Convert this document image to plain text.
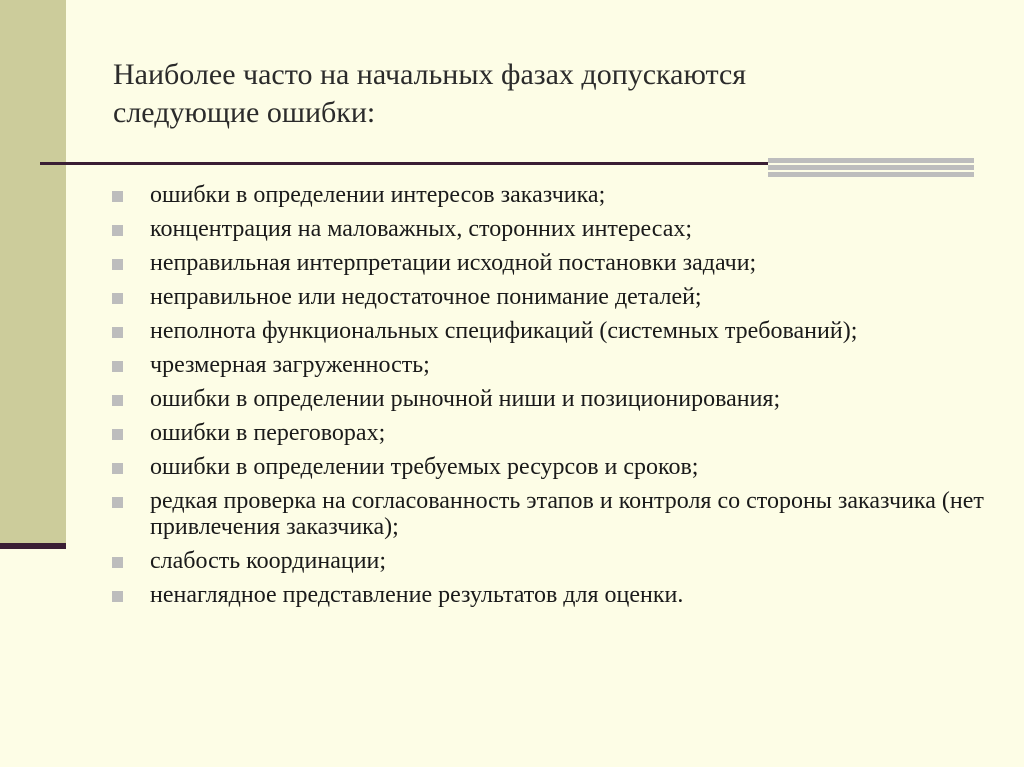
Наиболее часто на начальных фазах допускаются
следующие ошибки:
ошибки в определении интересов заказчика;
концентрация на маловажных, сторонних интересах;
неправильная интерпретации исходной постановки задачи;
неправильное или недостаточное понимание деталей;
неполнота функциональных спецификаций (системных требований);
чрезмерная загруженность;
ошибки в определении рыночной ниши и позиционирования;
ошибки в переговорах;
ошибки в определении требуемых ресурсов и сроков;
редкая проверка на согласованность этапов и контроля со стороны заказчика (нет привлечения заказчика);
слабость координации;
ненаглядное представление результатов для оценки.
